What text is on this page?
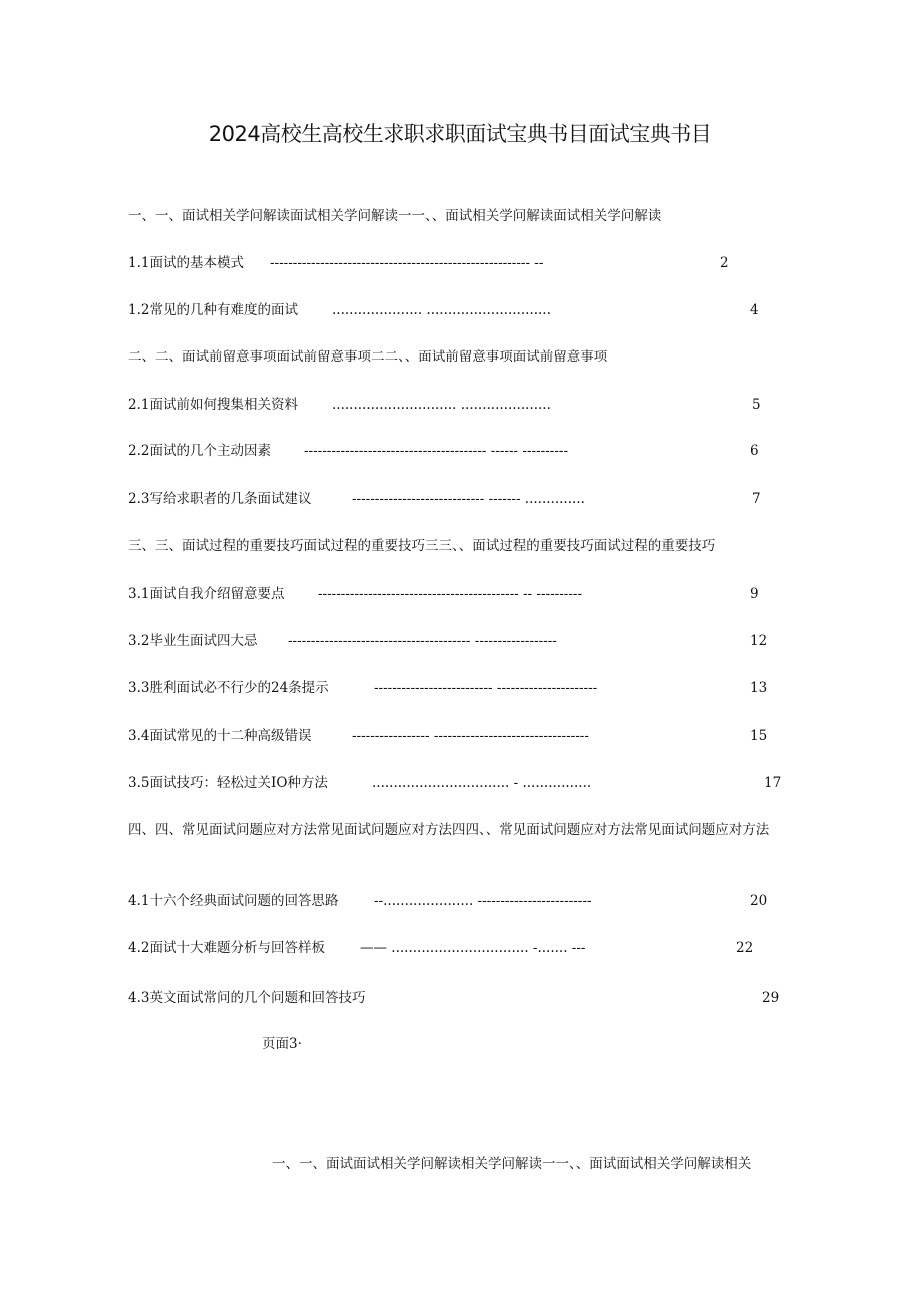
2024高校生高校生求职求职面试宝典书目面试宝典书目
一、一、面试相关学问解读面试相关学问解读一一、、面试相关学问解读面试相关学问解读
1.1面试的基本模式 --------------------------------------------------------- --	2
1.2常见的几种有难度的面试	..................... .............................	4
二、二、面试前留意事项面试前留意事项二二、、面试前留意事项面试前留意事项
2.1面试前如何搜集相关资料	............................. .....................	5
2.2面试的几个主动因素 ---------------------------------------- ------ ----------	6
2.3写给求职者的几条面试建议	----------------------------- ------- ..............	7
三、三、面试过程的重要技巧面试过程的重要技巧三三、、面试过程的重要技巧面试过程的重要技巧
3.1面试自我介绍留意要点 -------------------------------------------- -- ----------	9
3.2毕业生面试四大忌 ---------------------------------------- ------------------	12
3.3胜利面试必不行少的24条提示	-------------------------- ----------------------	13
3.4面试常见的十二种高级错误	----------------- ----------------------------------	15
3.5面试技巧：轻松过关IO种方法	................................ - ................	17
四、四、常见面试问题应对方法常见面试问题应对方法四四、、常见面试问题应对方法常见面试问题应对方法
4.1十六个经典面试问题的回答思路	--..................... -------------------------	20
4.2面试十大难题分析与回答样板	—— ................................ -....... ---	22
4.3英文面试常问的几个问题和回答技巧	29
页面3·
一、一、面试面试相关学问解读相关学问解读一一、、面试面试相关学问解读相关
